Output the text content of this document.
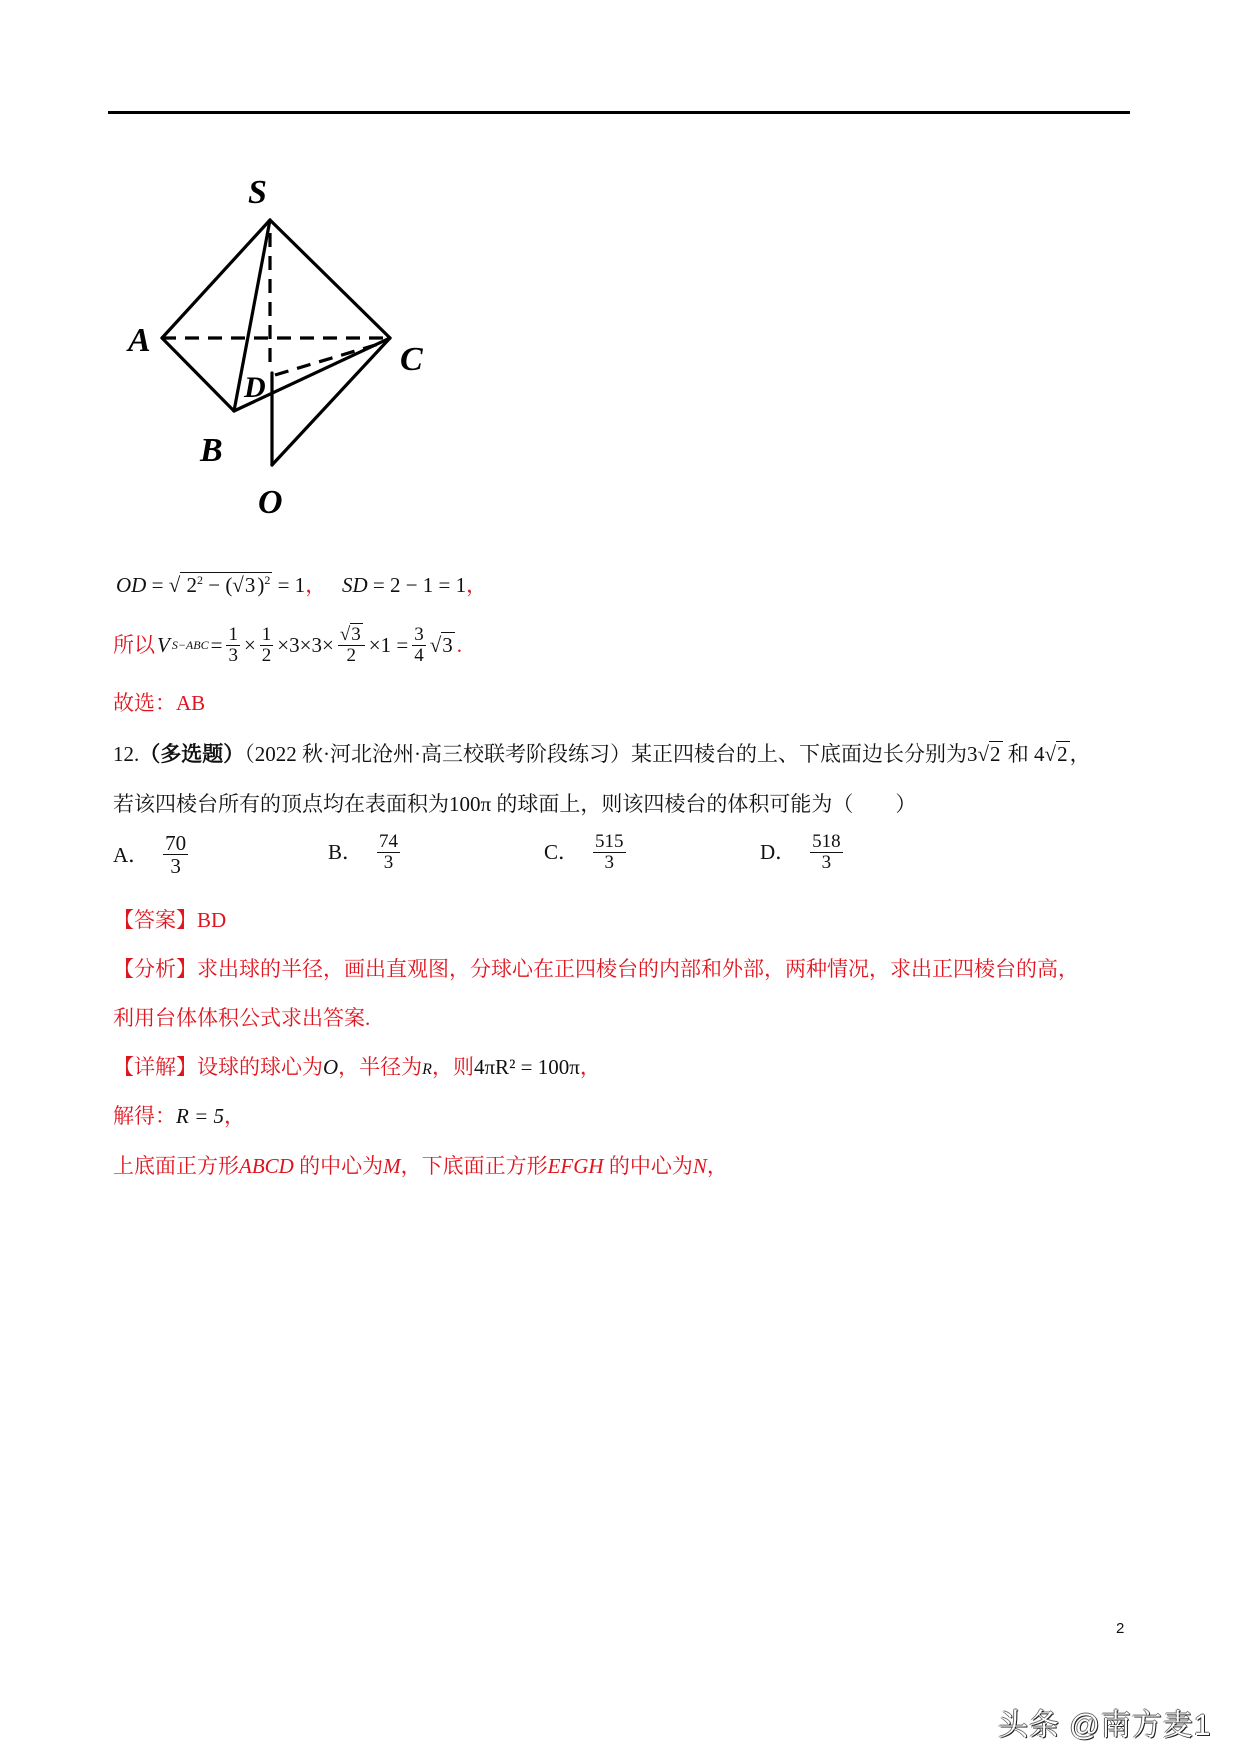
S
A
B
C
D
O
OD = √ $2^2 - (√3)^2 = 1$， SD = 2 − 1 = 1，
所以 V $S-ABC = \frac{1}{3} \times \frac{1}{2} \times 3\times 3\times \frac{√3}{2} \times 1 = \frac{3}{4} √3$ .
故选：AB
12.（多选题）（2022 秋·河北沧州·高三校联考阶段练习）某正四棱台的上、下底面边长分别为3√2 和 4√2，
若该四棱台所有的顶点均在表面积为100π 的球面上，则该四棱台的体积可能为（　　）
A． $\frac{70}{3}$	B． $\frac{74}{3}$	C． $\frac{515}{3}$	D． $\frac{518}{3}$
【答案】BD
【分析】求出球的半径，画出直观图，分球心在正四棱台的内部和外部，两种情况，求出正四棱台的高，
利用台体体积公式求出答案.
【详解】设球的球心为O，半径为R，则4πR² = 100π，
解得：R = 5，
上底面正方形ABCD 的中心为M，下底面正方形EFGH 的中心为N，
2
头条 @南方麦1
